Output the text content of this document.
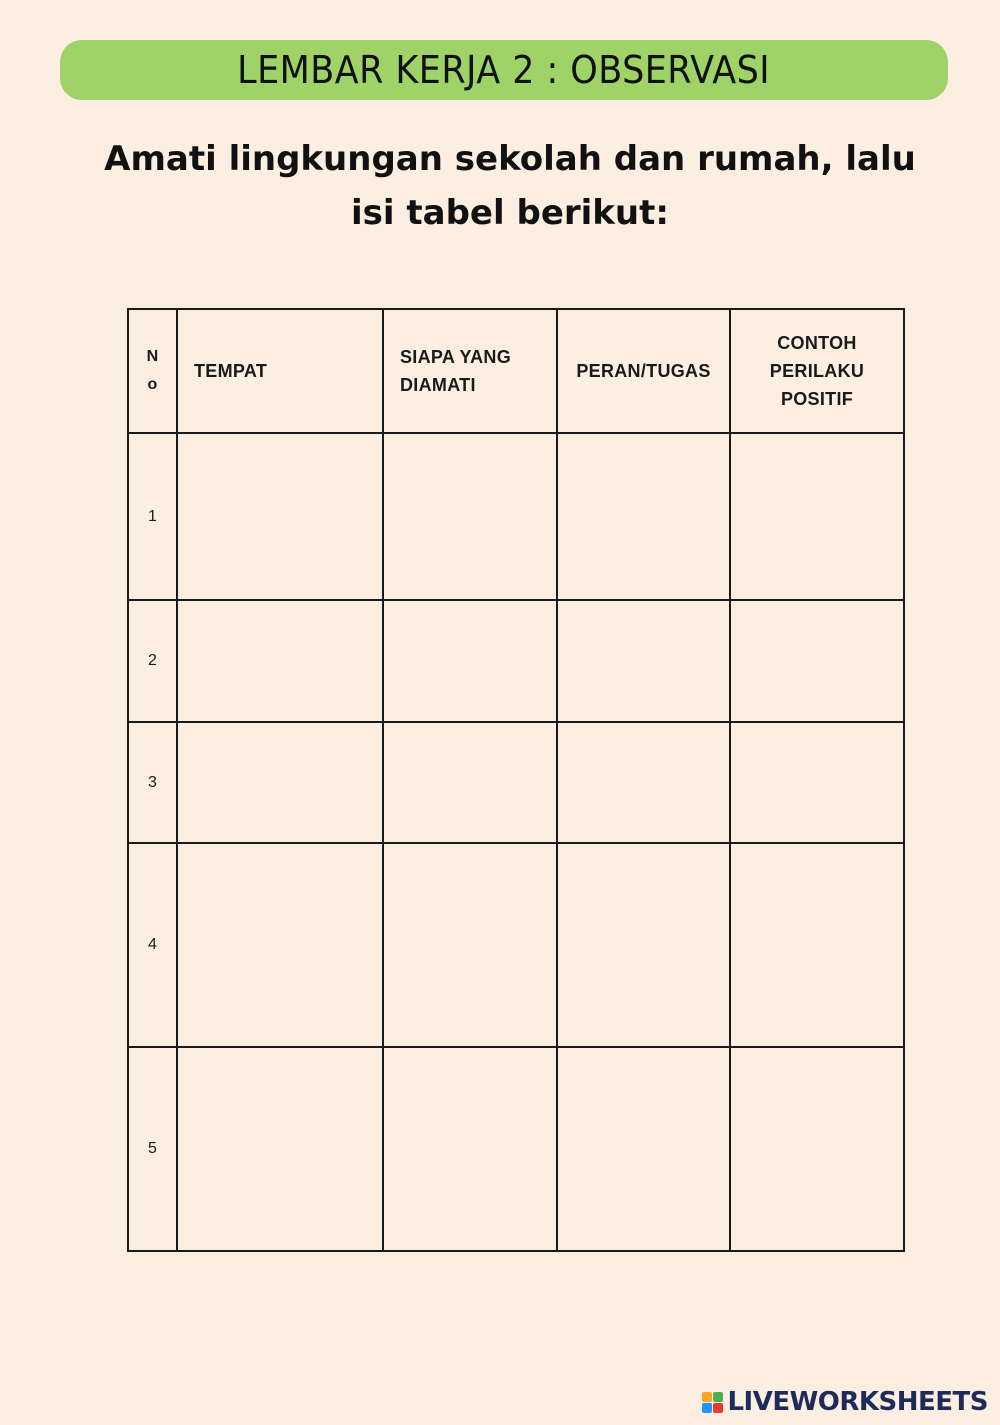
LEMBAR KERJA 2 : OBSERVASI
Amati lingkungan sekolah dan rumah, lalu
isi tabel berikut:
No	TEMPAT	SIAPA YANG DIAMATI	PERAN/TUGAS	CONTOH PERILAKU POSITIF
1				
2				
3				
4				
5				
LIVEWORKSHEETS
